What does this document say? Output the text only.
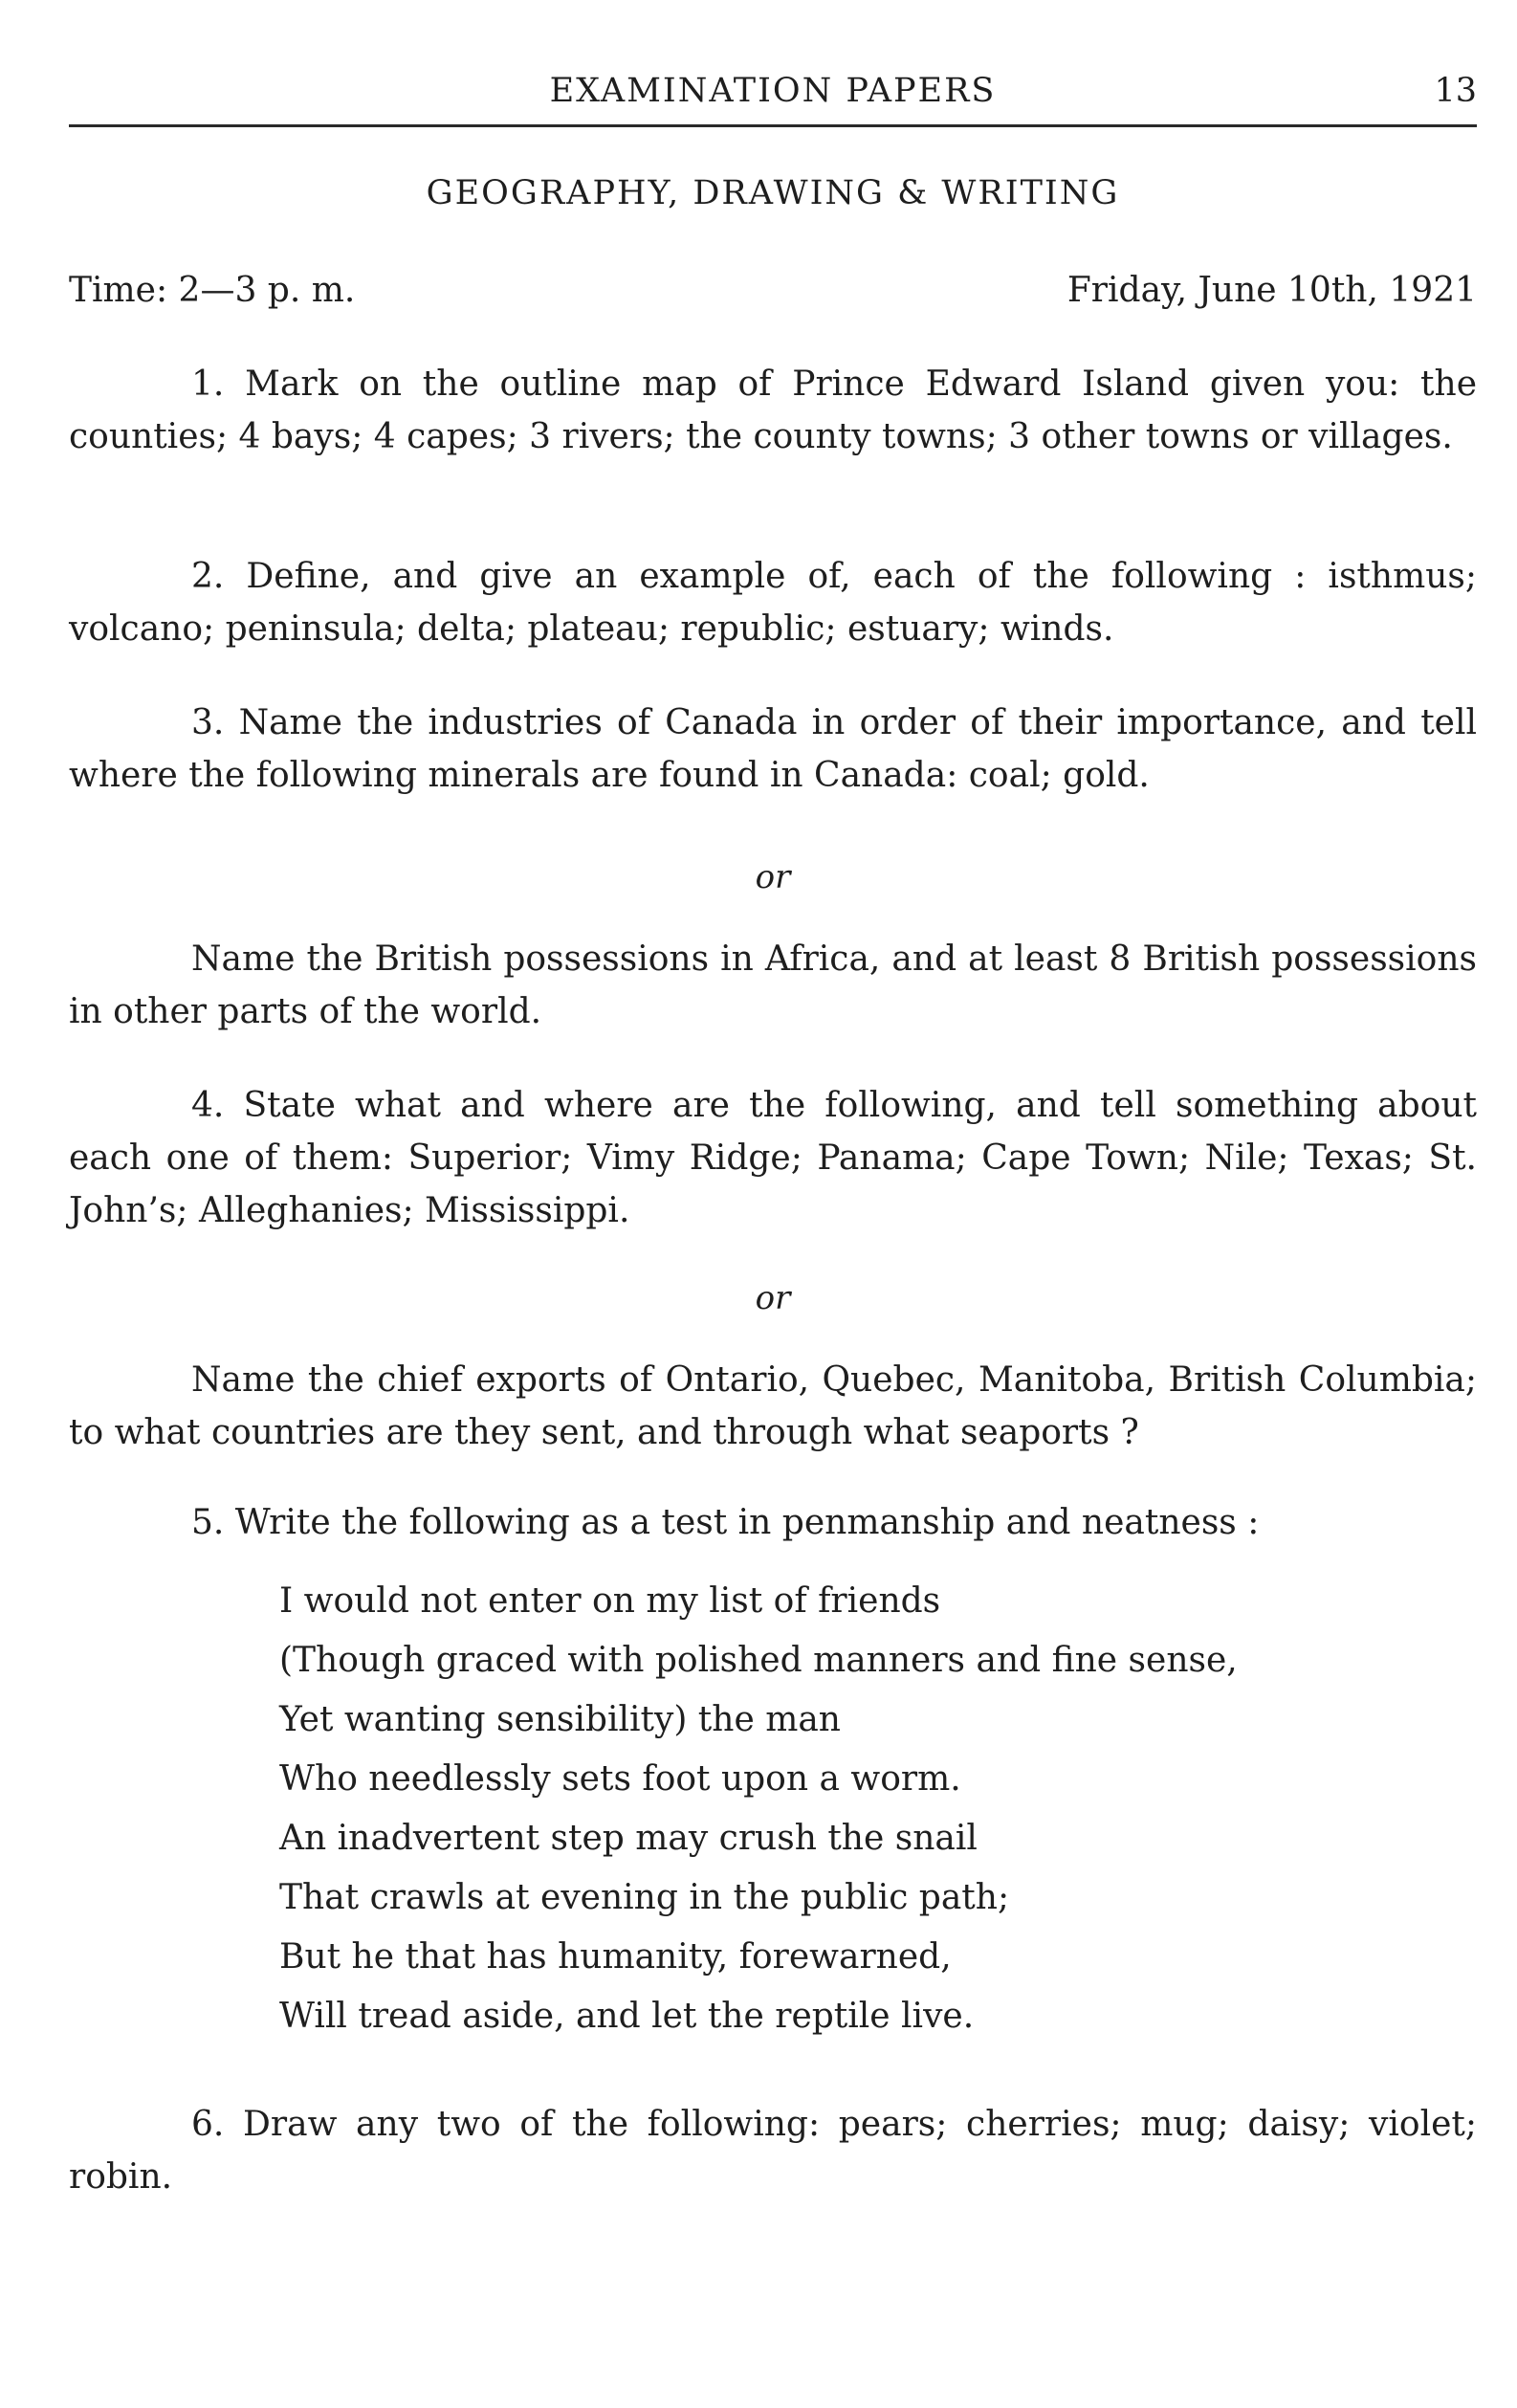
EXAMINATION PAPERS	13
GEOGRAPHY, DRAWING & WRITING
Time: 2—3 p. m.	Friday, June 10th, 1921

1. Mark on the outline map of Prince Edward Island given you: the counties; 4 bays; 4 capes; 3 rivers; the county towns; 3 other towns or villages.

2. Define, and give an example of, each of the following : isthmus; volcano; peninsula; delta; plateau; republic; estuary; winds.

3. Name the industries of Canada in order of their importance, and tell where the following minerals are found in Canada: coal; gold.

or

Name the British possessions in Africa, and at least 8 British possessions in other parts of the world.

4. State what and where are the following, and tell something about each one of them: Superior; Vimy Ridge; Panama; Cape Town; Nile; Texas; St. John’s; Alleghanies; Mississippi.

or

Name the chief exports of Ontario, Quebec, Manitoba, British Columbia; to what countries are they sent, and through what seaports ?

5. Write the following as a test in penmanship and neatness :

I would not enter on my list of friends
(Though graced with polished manners and fine sense,
Yet wanting sensibility) the man
Who needlessly sets foot upon a worm.
An inadvertent step may crush the snail
That crawls at evening in the public path;
But he that has humanity, forewarned,
Will tread aside, and let the reptile live.

6. Draw any two of the following: pears; cherries; mug; daisy; violet; robin.
